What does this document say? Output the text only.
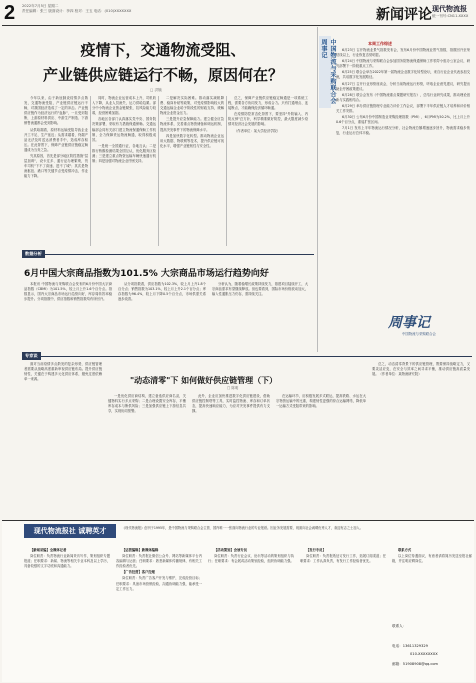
2 2022年7月5日 星期二
责任编辑：张三 版面设计：李四 校对：王五 电话：(010)XXXXXXX	新闻评论 现代物流报
统一刊号:CN11-XXXX
疫情下，交通物流受阻、
产业链供应链运行不畅，原因何在？
□ 洪毓

今年以来，由于新冠肺炎疫情多点散发，交通物流受阻，产业链供应链运行不畅，对我国经济造成了一定的冲击。产业链供应链作为经济运行的"血脉"，一旦受到阻断，上游原材料供应、中游生产制造、下游销售流通都会受到影响。

从供给端看，原材料运输受阻导致企业开工不足、生产延迟；从需求端看，终端产品无法及时送达消费者手中，造成库存积压。在此背景下，保障产业链供应链稳定畅通成为当务之急。

究其原因，首先是部分地区防控措施"层层加码"，设卡过多、通行证办理繁琐，货车司机"下不了高速、进不了城"；其次是物流枢纽、港口等关键节点受疫情冲击，作业能力下降。

同时，物流企业运营成本上升，司机收入下降，从业人员流失，运力供给趋紧。部分中小物流企业资金链紧张，抗风险能力较弱，经营困难加剧。

各地区各部门认真落实党中央、国务院决策部署，采取有力措施保通保畅。交通运输部会同有关部门建立物流保通保畅工作机制，全力保障货运物流畅通，取得积极成效。

一是统一全国通行证，各地互认；二是推行核酸检测结果全国互认，优化服务区检测；三是建立重点物资运输车辆快速通行机制；四是加强对物流企业纾困支持。

二是解决实际困难。推动落实减税降费、稳岗补贴等政策，对受疫情影响较大的交通运输企业给予阶段性的财政支持，缓解物流企业资金压力。

三是提升应急保障能力。建立健全应急物流体系，完善重点物资储备和调运机制，提高突发事件下的物流保障水平。

四是加快数字化转型。推动物流企业运用大数据、物联网等技术，提升供应链可视化水平，增强产业链韧性与安全性。

总之，保障产业链供应链稳定畅通是一项系统工程，需要各方协同发力，形成合力。只有打通堵点、连接断点，才能确保经济循环畅通。

在疫情防控常态化背景下，要坚持"外防输入、内防反弹"总方针，科学精准做好防控，最大限度减少疫情对经济社会发展的影响。

（作者单位：某大学经济学院）

中国物流与采购联合会周事记	本周工作综述

6月23日 召开物流业景气指数发布会，发布6月份中国物流业景气指数，指数回升至荣枯线以上，行业恢复态势明显。

6月24日 中国物流与采购联合会参加国务院物流保通保畅工作领导小组办公室会议，研究部署下一阶段重点工作。

6月25日 联合会举办2022年第一届物流企业数字化转型论坛，来自行业企业代表参加交流，共话数字化发展路径。

6月27日 召开行业形势座谈会，分析当前物流运行形势，听取企业意见建议，研究提出助企纾困政策建议。

6月28日 联合会发布《中国物流重点课题研究报告》，总结行业研究成果，推动理论创新与实践相结合。

6月29日 举办供应链管理专业能力评价工作会议，部署下半年供应链人才培养和评价相关工作安排。

6月30日 公布6月份中国制造业采购经理指数（PMI），6月PMI为50.2%，比上月上升0.6个百分点，重返扩张区间。

7月1日 发布上半年物流运行情况分析，社会物流总额增速逐步回升，物流需求稳步恢复，行业运行总体平稳。

周事记
中国物流与采购联合会
数据分析
6月中国大宗商品指数为101.5% 大宗商品市场运行趋势向好

本报讯 中国物流与采购联合会发布的6月份中国大宗商品指数（CBMI）为101.5%，较上月上升1.6个百分点。指数显示，国内大宗商品市场运行趋势向好，库存周转效率稳步提升。分项指数中，供应指数和销售指数均有所回升。

从分项指数看，供应指数为102.3%，较上月上升1.8个百分点；销售指数为103.1%，较上月上升2.1个百分点；库存指数为96.4%，较上月下降0.5个百分点，市场供需关系逐步改善。

分析认为，随着稳增长政策持续发力，基建项目陆续开工，大宗商品需求有望继续释放。但也要看到，国际市场价格波动加大，输入性通胀压力仍存，需持续关注。

专家谈
"动态清零"下 如何做好供应链管理（下）
□ 陈明

面对当前疫情多点散发的复杂形势，供应链管理者需要从战略高度重新审视供应链布局。提升供应链韧性，关键在于构建多元化供应体系，避免过度依赖单一来源。

一是优化供应商结构，建立备选供应商名录，关键物料实行多点采购；二是合理设置安全库存，平衡库存成本与断供风险；三是加强供应链上下游信息共享，实现协同预警。

此外，企业应加快推进数字化供应链建设，借助供应链控制塔等工具，实时监控物流、库存和订单状态，提高快速响应能力，为应对突发事件提供有力支撑。

在运输环节，应积极发展多式联运，提高铁路、水运在大宗物资运输中的比重，构建韧性更强的综合运输网络，降低单一运输方式受阻带来的影响。

总之，动态清零背景下的供应链管理，既要保持战略定力，又要灵活应变，在安全与效率之间寻求平衡，推动供应链高质量发展。（作者单位：某物流研究院）

现代物流报社 诚聘英才	《现代物流报》创刊于1995年，是中国物流与采购联合会主管、国内唯一一张面向物流行业的专业报纸。因业务发展需要，现面向社会诚聘优秀人才，欢迎有志之士加入。

【新闻采编】全媒体记者

岗位职责：负责物流行业新闻采访写作，策划组织专题报道；任职要求：新闻、物流等相关专业本科及以上学历，具备较强的文字功底和沟通能力。

【运营编辑】新媒体编辑

岗位职责：负责报社微信公众号、网站等新媒体平台内容编辑与运营；任职要求：熟悉新媒体传播规律，有相关工作经验者优先。

【广告经营】客户经理

岗位职责：负责广告客户开发与维护，完成经营目标；任职要求：具备市场营销经验，沟通协调能力强，能承受一定工作压力。

【活动策划】会展专员

岗位职责：负责行业会议、论坛等活动的策划组织与执行；任职要求：有会展或活动策划经验，组织协调能力强。

【发行专员】

岗位职责：负责报纸征订发行工作，拓展订阅渠道；任职要求：工作认真负责，有发行工作经验者优先。

联系方式

以上岗位待遇面议，有意者请将简历发送至报社邮箱，并注明应聘岗位。

联系人：
电话：13611329329
010-XXXXXXXX
邮箱：51908908@qq.com
